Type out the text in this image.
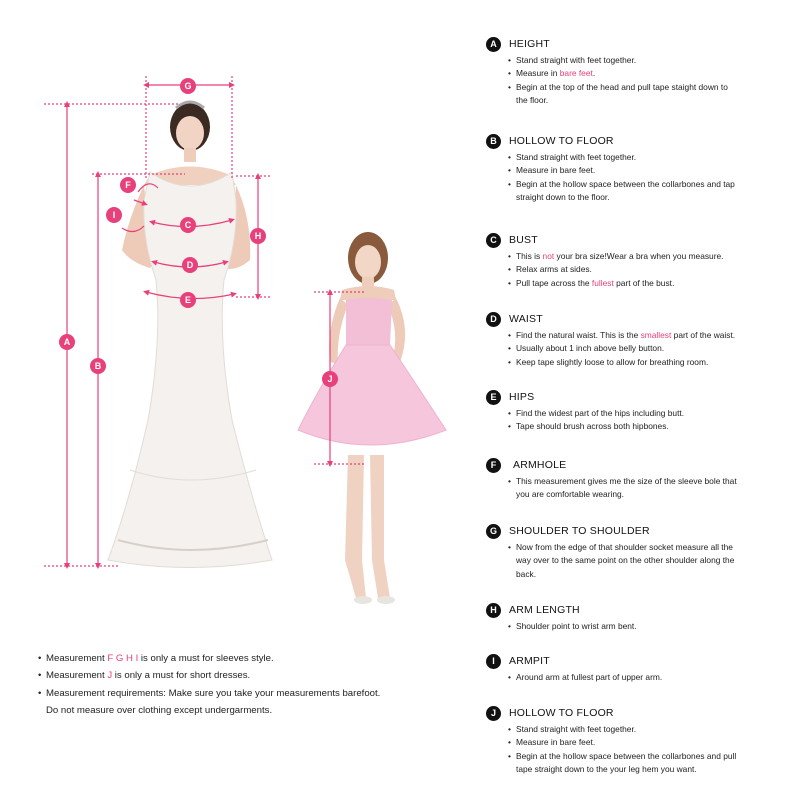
G
F
I
C
H
D
E
A
B
J
• Measurement F G H I is only a must for sleeves style.
• Measurement J is only a must for short dresses.
• Measurement requirements: Make sure you take your measurements barefoot.
Do not measure over clothing except undergarments.
A	HEIGHT
• Stand straight with feet together.
• Measure in bare feet.
• Begin at the top of the head and pull tape staight down to
the floor.
B	HOLLOW TO FLOOR
• Stand straight with feet together.
• Measure in bare feet.
• Begin at the hollow space between the collarbones and tap
straight down to the floor.
C	BUST
• This is not your bra size!Wear a bra when you measure.
• Relax arms at sides.
• Pull tape across the fullest part of the bust.
D	WAIST
• Find the natural waist. This is the smallest part of the waist.
• Usually about 1 inch above belly button.
• Keep tape slightly loose to allow for breathing room.
E	HIPS
• Find the widest part of the hips including butt.
• Tape should brush across both hipbones.
F	ARMHOLE
• This measurement gives me the size of the sleeve bole that
you are comfortable wearing.
G	SHOULDER TO SHOULDER
• Now from the edge of that shoulder socket measure all the
way over to the same point on the other shoulder along the
back.
H	ARM LENGTH
• Shoulder point to wrist arm bent.
I	ARMPIT
• Around arm at fullest part of upper arm.
J	HOLLOW TO FLOOR
• Stand straight with feet together.
• Measure in bare feet.
• Begin at the hollow space between the collarbones and pull
tape straight down to the your leg hem you want.
